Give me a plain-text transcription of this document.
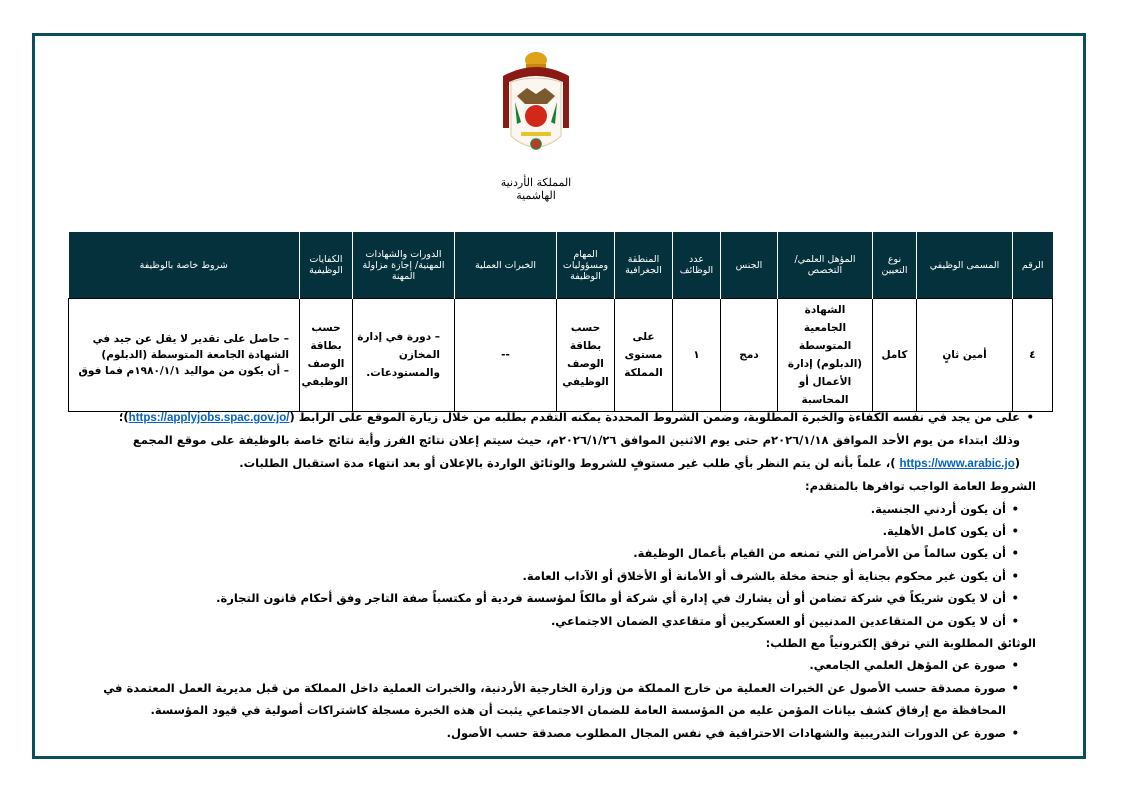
المملكة الأردنية الهاشمية
الرقم	المسمى الوظيفي	نوع التعيين	المؤهل العلمي/ التخصص	الجنس	عدد الوظائف	المنطقة الجغرافية	المهام ومسؤوليات الوظيفة	الخبرات العملية	الدورات والشهادات المهنية/ إجازة مزاولة المهنة	الكفايات الوظيفية	شروط خاصة بالوظيفة
٤	أمين ثانٍ	كامل	الشهادة الجامعية المتوسطة (الدبلوم) إدارة الأعمال أو المحاسبة	دمج	١	على مستوى المملكة	حسب بطاقة الوصف الوظيفي	--	– دورة في إدارة المخازن والمستودعات.	حسب بطاقة الوصف الوظيفي	– حاصل على تقدير لا يقل عن جيد في الشهادة الجامعة المتوسطة (الدبلوم)
– أن يكون من مواليد ١٩٨٠/١/١م فما فوق

• على من يجد في نفسه الكفاءة والخبرة المطلوبة، وضمن الشروط المحددة يمكنه التقدم بطلبه من خلال زيارة الموقع على الرابط (https://applyjobs.spac.gov.jo/)؛

وذلك ابتداء من يوم الأحد الموافق ٢٠٢٦/١/١٨م حتى يوم الاثنين الموافق ٢٠٢٦/١/٢٦م، حيث سيتم إعلان نتائج الفرز وأية نتائج خاصة بالوظيفة على موقع المجمع

(https://www.arabic.jo )، علماً بأنه لن يتم النظر بأي طلب غير مستوفٍ للشروط والوثائق الواردة بالإعلان أو بعد انتهاء مدة استقبال الطلبات.

الشروط العامة الواجب توافرها بالمتقدم:

• أن يكون أردني الجنسية.

• أن يكون كامل الأهلية.

• أن يكون سالماً من الأمراض التي تمنعه من القيام بأعمال الوظيفة.

• أن يكون غير محكوم بجناية أو جنحة مخلة بالشرف أو الأمانة أو الأخلاق أو الآداب العامة.

• أن لا يكون شريكاً في شركة تضامن أو أن يشارك في إدارة أي شركة أو مالكاً لمؤسسة فردية أو مكتسباً صفة التاجر وفق أحكام قانون التجارة.

• أن لا يكون من المتقاعدين المدنيين أو العسكريين أو متقاعدي الضمان الاجتماعي.

الوثائق المطلوبة التي ترفق إلكترونياً مع الطلب:

• صورة عن المؤهل العلمي الجامعي.

• صورة مصدقة حسب الأصول عن الخبرات العملية من خارج المملكة من وزارة الخارجية الأردنية، والخبرات العملية داخل المملكة من قبل مديرية العمل المعتمدة في المحافظة مع إرفاق كشف بيانات المؤمن عليه من المؤسسة العامة للضمان الاجتماعي يثبت أن هذه الخبرة مسجلة كاشتراكات أصولية في قيود المؤسسة.

• صورة عن الدورات التدريبية والشهادات الاحترافية في نفس المجال المطلوب مصدقة حسب الأصول.
